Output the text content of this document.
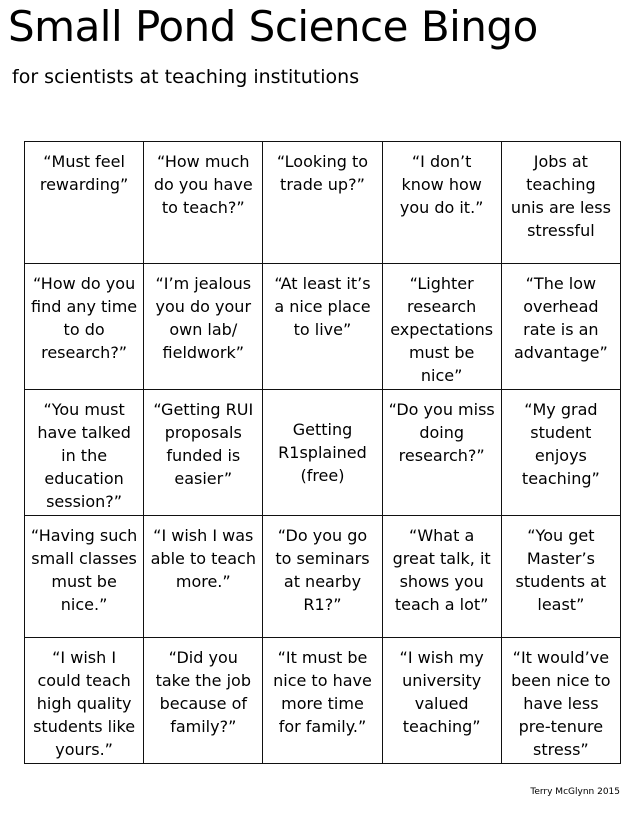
Small Pond Science Bingo
for scientists at teaching institutions
“Must feel
rewarding”	“How much
do you have
to teach?”	“Looking to
trade up?”	“I don’t
know how
you do it.”	Jobs at
teaching
unis are less
stressful
“How do you
find any time
to do
research?”	“I’m jealous
you do your
own lab/
fieldwork”	“At least it’s
a nice place
to live”	“Lighter
research
expectations
must be
nice”	“The low
overhead
rate is an
advantage”
“You must
have talked
in the
education
session?”	“Getting RUI
proposals
funded is
easier”	Getting
R1splained
(free)	“Do you miss
doing
research?”	“My grad
student
enjoys
teaching”
“Having such
small classes
must be
nice.”	“I wish I was
able to teach
more.”	“Do you go
to seminars
at nearby
R1?”	“What a
great talk, it
shows you
teach a lot”	“You get
Master’s
students at
least”
“I wish I
could teach
high quality
students like
yours.”	“Did you
take the job
because of
family?”	“It must be
nice to have
more time
for family.”	“I wish my
university
valued
teaching”	“It would’ve
been nice to
have less
pre-tenure
stress”
Terry McGlynn 2015
